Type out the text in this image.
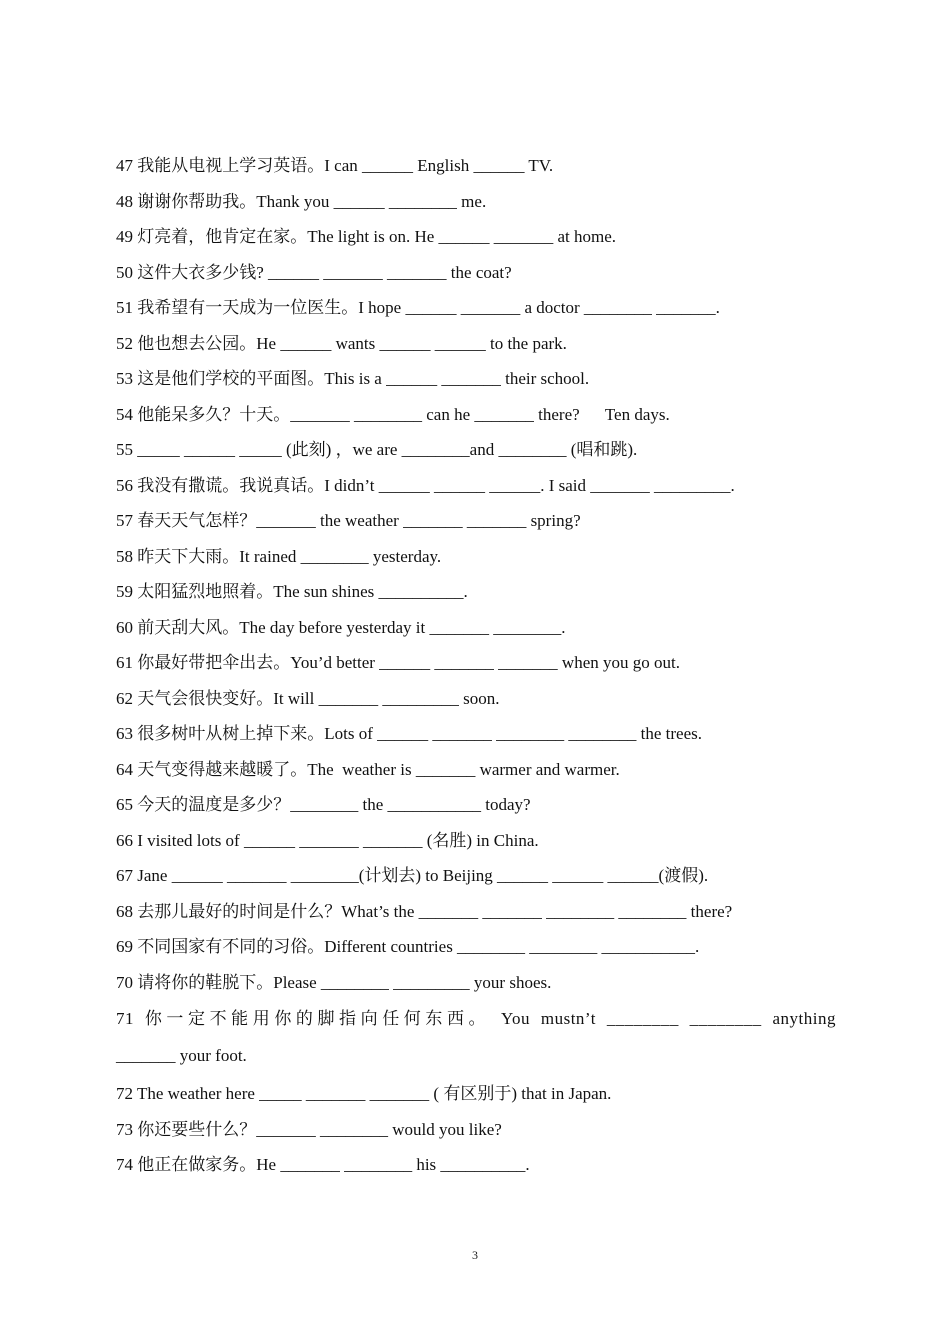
47 我能从电视上学习英语。I can ______ English ______ TV.
48 谢谢你帮助我。Thank you ______ ________ me.
49 灯亮着，他肯定在家。The light is on. He ______ _______ at home.
50 这件大衣多少钱? ______ _______ _______ the coat?
51 我希望有一天成为一位医生。I hope ______ _______ a doctor ________ _______.
52 他也想去公园。He ______ wants ______ ______ to the park.
53 这是他们学校的平面图。This is a ______ _______ their school.
54 他能呆多久？十天。_______ ________ can he _______ there?      Ten days.
55 _____ ______ _____ (此刻) ，we are ________and ________ (唱和跳).
56 我没有撒谎。我说真话。I didn’t ______ ______ ______. I said _______ _________.
57 春天天气怎样？_______ the weather _______ _______ spring?
58 昨天下大雨。It rained ________ yesterday.
59 太阳猛烈地照着。The sun shines __________.
60 前天刮大风。The day before yesterday it _______ ________.
61 你最好带把伞出去。You’d better ______ _______ _______ when you go out.
62 天气会很快变好。It will _______ _________ soon.
63 很多树叶从树上掉下来。Lots of ______ _______ ________ ________ the trees.
64 天气变得越来越暖了。The  weather is _______ warmer and warmer.
65 今天的温度是多少？________ the ___________ today?
66 I visited lots of ______ _______ _______ (名胜) in China.
67 Jane ______ _______ ________(计划去) to Beijing ______ ______ ______(渡假).
68 去那儿最好的时间是什么？What’s the _______ _______ ________ ________ there?
69 不同国家有不同的习俗。Different countries ________ ________ ___________.
70 请将你的鞋脱下。Please ________ _________ your shoes.
71 你一定不能用你的脚指向任何东西。 You mustn’t ________ ________ anything
_______ your foot.
72 The weather here _____ _______ _______ ( 有区别于) that in Japan.
73 你还要些什么？_______ ________ would you like?
74 他正在做家务。He _______ ________ his __________.
3
